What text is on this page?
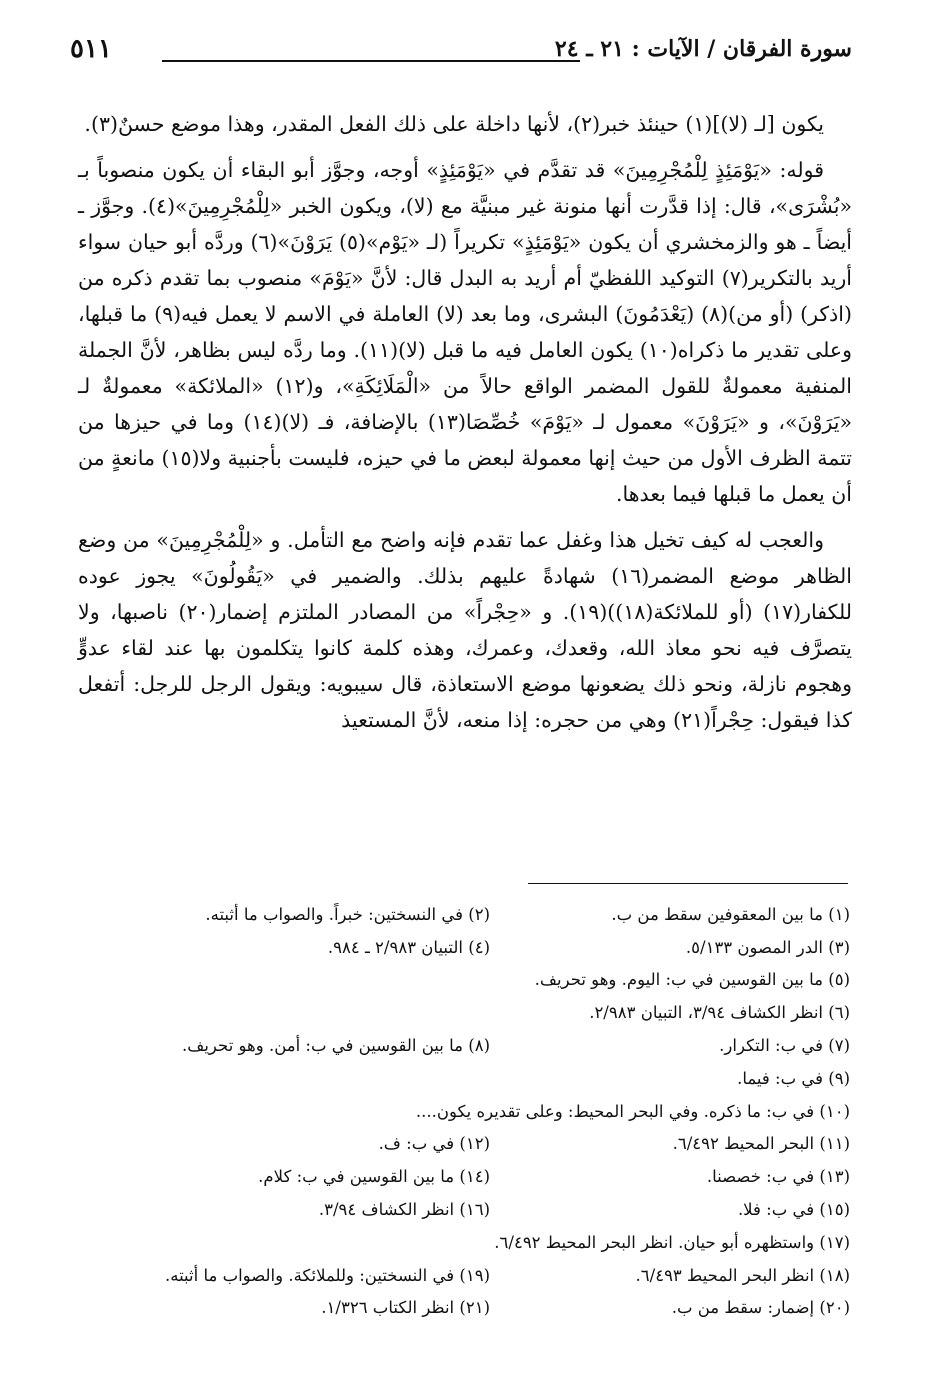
سورة الفرقان / الآيات : ٢١ ـ ٢٤
٥١١

يكون [لـ (لا)](١) حينئذ خبر(٢)، لأنها داخلة على ذلك الفعل المقدر، وهذا موضع حسنٌ(٣).

قوله: «يَوْمَئِذٍ لِلْمُجْرِمِينَ» قد تقدَّم في «يَوْمَئِذٍ» أوجه، وجوَّز أبو البقاء أن يكون منصوباً بـ «بُشْرَى»، قال: إذا قدَّرت أنها منونة غير مبنيَّة مع (لا)، ويكون الخبر «لِلْمُجْرِمِينَ»(٤). وجوَّز ـ أيضاً ـ هو والزمخشري أن يكون «يَوْمَئِذٍ» تكريراً (لـ «يَوْم»(٥) يَرَوْنَ»(٦) وردَّه أبو حيان سواء أريد بالتكرير(٧) التوكيد اللفظيّ أم أريد به البدل قال: لأنَّ «يَوْمَ» منصوب بما تقدم ذكره من (اذكر) (أو من)(٨) (يَعْدَمُونَ) البشرى، وما بعد (لا) العاملة في الاسم لا يعمل فيه(٩) ما قبلها، وعلى تقدير ما ذكراه(١٠) يكون العامل فيه ما قبل (لا)(١١). وما ردَّه ليس بظاهر، لأنَّ الجملة المنفية معمولةٌ للقول المضمر الواقع حالاً من «الْمَلَائِكَةِ»، و(١٢) «الملائكة» معمولةٌ لـ «يَرَوْنَ»، و «يَرَوْنَ» معمول لـ «يَوْمَ» خُصِّصَا(١٣) بالإضافة، فـ (لا)(١٤) وما في حيزها من تتمة الظرف الأول من حيث إنها معمولة لبعض ما في حيزه، فليست بأجنبية ولا(١٥) مانعةٍ من أن يعمل ما قبلها فيما بعدها.

والعجب له كيف تخيل هذا وغفل عما تقدم فإنه واضح مع التأمل. و «لِلْمُجْرِمِينَ» من وضع الظاهر موضع المضمر(١٦) شهادةً عليهم بذلك. والضمير في «يَقُولُونَ» يجوز عوده للكفار(١٧) (أو للملائكة(١٨))(١٩). و «حِجْراً» من المصادر الملتزم إضمار(٢٠) ناصبها، ولا يتصرَّف فيه نحو معاذ الله، وقعدك، وعمرك، وهذه كلمة كانوا يتكلمون بها عند لقاء عدوٍّ وهجوم نازلة، ونحو ذلك يضعونها موضع الاستعاذة، قال سيبويه: ويقول الرجل للرجل: أتفعل كذا فيقول: حِجْراً(٢١) وهي من حجره: إذا منعه، لأنَّ المستعيذ

(١) ما بين المعقوفين سقط من ب.
(٢) في النسختين: خبراً. والصواب ما أثبته.
(٣) الدر المصون ٥/١٣٣.
(٤) التبيان ٢/٩٨٣ ـ ٩٨٤.
(٥) ما بين القوسين في ب: اليوم. وهو تحريف.
(٦) انظر الكشاف ٣/٩٤، التبيان ٢/٩٨٣.
(٧) في ب: التكرار.
(٨) ما بين القوسين في ب: أمن. وهو تحريف.
(٩) في ب: فيما.
(١٠) في ب: ما ذكره. وفي البحر المحيط: وعلى تقديره يكون....
(١١) البحر المحيط ٦/٤٩٢.
(١٢) في ب: ف.
(١٣) في ب: خصصنا.
(١٤) ما بين القوسين في ب: كلام.
(١٥) في ب: فلا.
(١٦) انظر الكشاف ٣/٩٤.
(١٧) واستظهره أبو حيان. انظر البحر المحيط ٦/٤٩٢.
(١٨) انظر البحر المحيط ٦/٤٩٣.
(١٩) في النسختين: وللملائكة. والصواب ما أثبته.
(٢٠) إضمار: سقط من ب.
(٢١) انظر الكتاب ١/٣٢٦.
